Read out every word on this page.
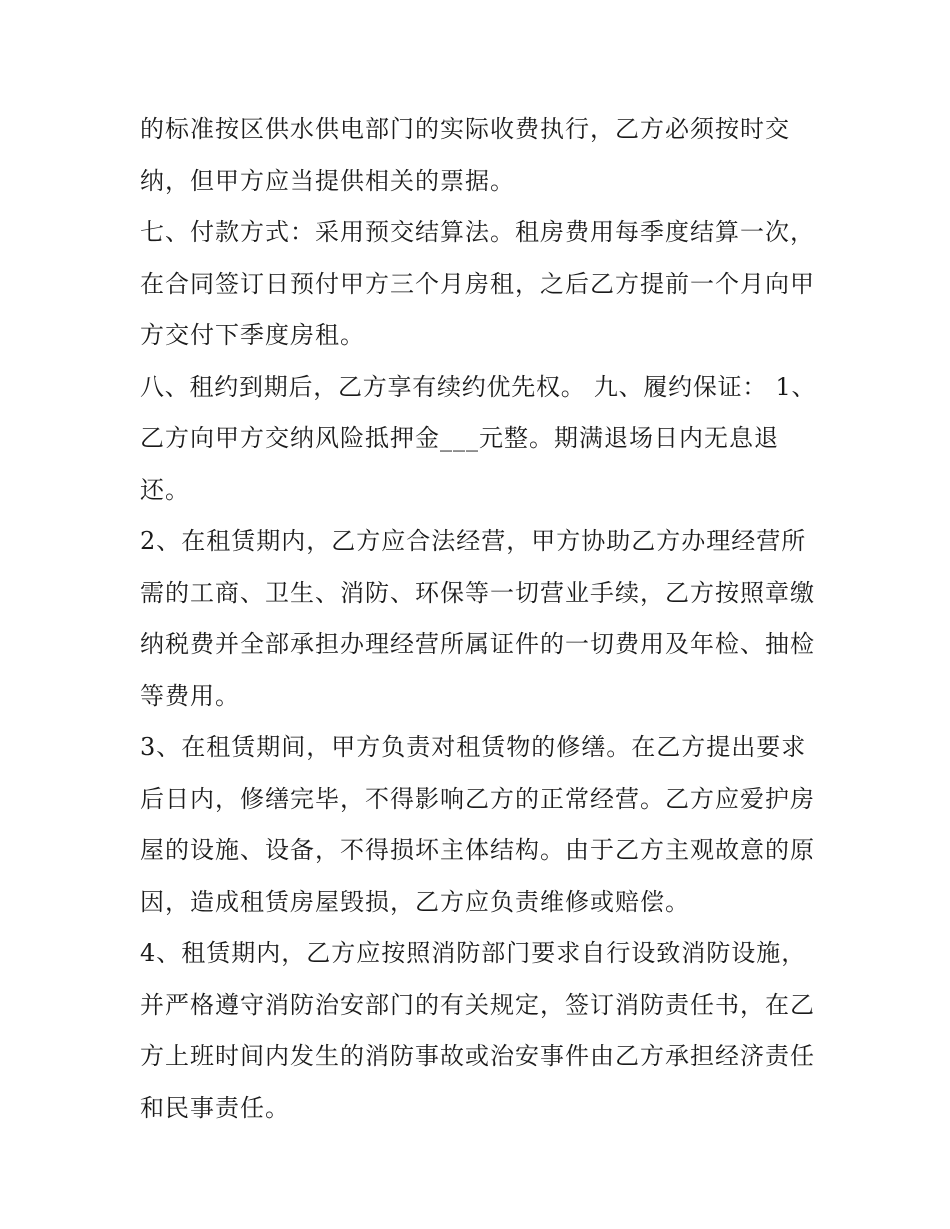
的标准按区供水供电部门的实际收费执行，乙方必须按时交
纳，但甲方应当提供相关的票据。
七、付款方式：采用预交结算法。租房费用每季度结算一次，
在合同签订日预付甲方三个月房租，之后乙方提前一个月向甲
方交付下季度房租。
八、租约到期后，乙方享有续约优先权。 九、履约保证： 1、
乙方向甲方交纳风险抵押金___元整。期满退场日内无息退
还。
2、在租赁期内，乙方应合法经营，甲方协助乙方办理经营所
需的工商、卫生、消防、环保等一切营业手续，乙方按照章缴
纳税费并全部承担办理经营所属证件的一切费用及年检、抽检
等费用。
3、在租赁期间，甲方负责对租赁物的修缮。在乙方提出要求
后日内，修缮完毕，不得影响乙方的正常经营。乙方应爱护房
屋的设施、设备，不得损坏主体结构。由于乙方主观故意的原
因，造成租赁房屋毁损，乙方应负责维修或赔偿。
4、租赁期内，乙方应按照消防部门要求自行设致消防设施，
并严格遵守消防治安部门的有关规定，签订消防责任书，在乙
方上班时间内发生的消防事故或治安事件由乙方承担经济责任
和民事责任。
